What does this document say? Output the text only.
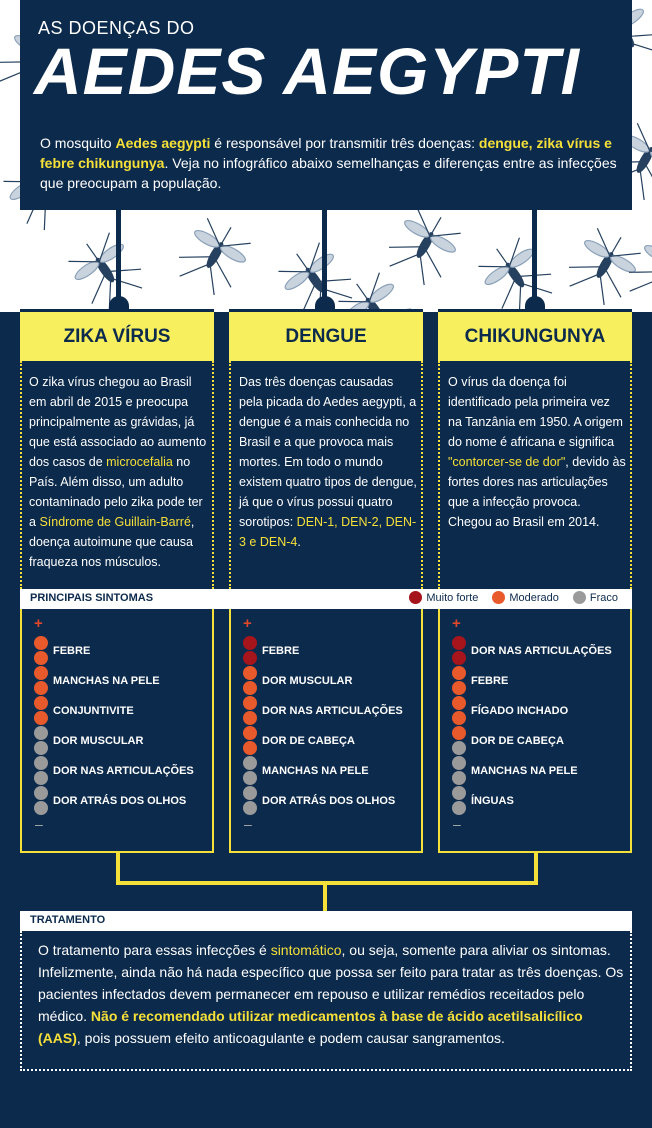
AS DOENÇAS DO
AEDES AEGYPTI
O mosquito Aedes aegypti é responsável por transmitir três doenças: dengue, zika vírus e febre chikungunya. Veja no infográfico abaixo semelhanças e diferenças entre as infecções que preocupam a população.
ZIKA VÍRUS	DENGUE	CHIKUNGUNYA
O zika vírus chegou ao Brasil em abril de 2015 e preocupa principalmente as grávidas, já que está associado ao aumento dos casos de microcefalia no País. Além disso, um adulto contaminado pelo zika pode ter a Síndrome de Guillain-Barré, doença autoimune que causa fraqueza nos músculos.
Das três doenças causadas pela picada do Aedes aegypti, a dengue é a mais conhecida no Brasil e a que provoca mais mortes. Em todo o mundo existem quatro tipos de dengue, já que o vírus possui quatro sorotipos: DEN-1, DEN-2, DEN-3 e DEN-4.
O vírus da doença foi identificado pela primeira vez na Tanzânia em 1950. A origem do nome é africana e significa "contorcer-se de dor", devido às fortes dores nas articulações que a infecção provoca. Chegou ao Brasil em 2014.
PRINCIPAIS SINTOMAS	Muito forte	Moderado	Fraco
+
–
FEBRE
MANCHAS NA PELE
CONJUNTIVITE
DOR MUSCULAR
DOR NAS ARTICULAÇÕES
DOR ATRÁS DOS OLHOS
+
–
FEBRE
DOR MUSCULAR
DOR NAS ARTICULAÇÕES
DOR DE CABEÇA
MANCHAS NA PELE
DOR ATRÁS DOS OLHOS
+
–
DOR NAS ARTICULAÇÕES
FEBRE
FÍGADO INCHADO
DOR DE CABEÇA
MANCHAS NA PELE
ÍNGUAS
TRATAMENTO
O tratamento para essas infecções é sintomático, ou seja, somente para aliviar os sintomas. Infelizmente, ainda não há nada específico que possa ser feito para tratar as três doenças. Os pacientes infectados devem permanecer em repouso e utilizar remédios receitados pelo médico. Não é recomendado utilizar medicamentos à base de ácido acetilsalicílico (AAS), pois possuem efeito anticoagulante e podem causar sangramentos.
